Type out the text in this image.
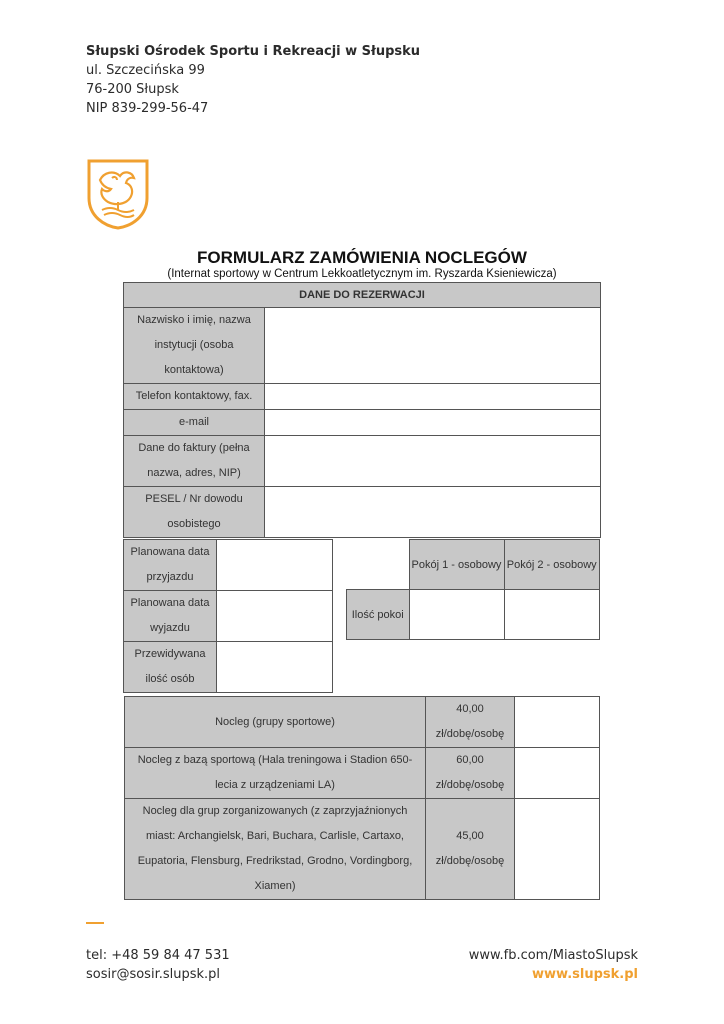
Słupski Ośrodek Sportu i Rekreacji w Słupsku
ul. Szczecińska 99
76-200 Słupsk
NIP 839-299-56-47
FORMULARZ ZAMÓWIENIA NOCLEGÓW
(Internat sportowy w Centrum Lekkoatletycznym im. Ryszarda Ksieniewicza)
DANE DO REZERWACJI	
Nazwisko i imię, nazwa instytucji (osoba kontaktowa)	
Telefon kontaktowy, fax.	
e-mail	
Dane do faktury (pełna nazwa, adres, NIP)	
PESEL / Nr dowodu osobistego	
Planowana data przyjazdu	
Planowana data wyjazdu	
Przewidywana ilość osób	
	Pokój 1 - osobowy	Pokój 2 - osobowy
Ilość pokoi		
Nocleg (grupy sportowe)	40,00 zł/dobę/osobę	
Nocleg z bazą sportową (Hala treningowa i Stadion 650-lecia z urządzeniami LA)	60,00 zł/dobę/osobę	
Nocleg dla grup zorganizowanych (z zaprzyjaźnionych miast: Archangielsk, Bari, Buchara, Carlisle, Cartaxo, Eupatoria, Flensburg, Fredrikstad, Grodno, Vordingborg, Xiamen)	45,00 zł/dobę/osobę	
tel: +48 59 84 47 531
sosir@sosir.slupsk.pl
www.fb.com/MiastoSlupsk
www.slupsk.pl
